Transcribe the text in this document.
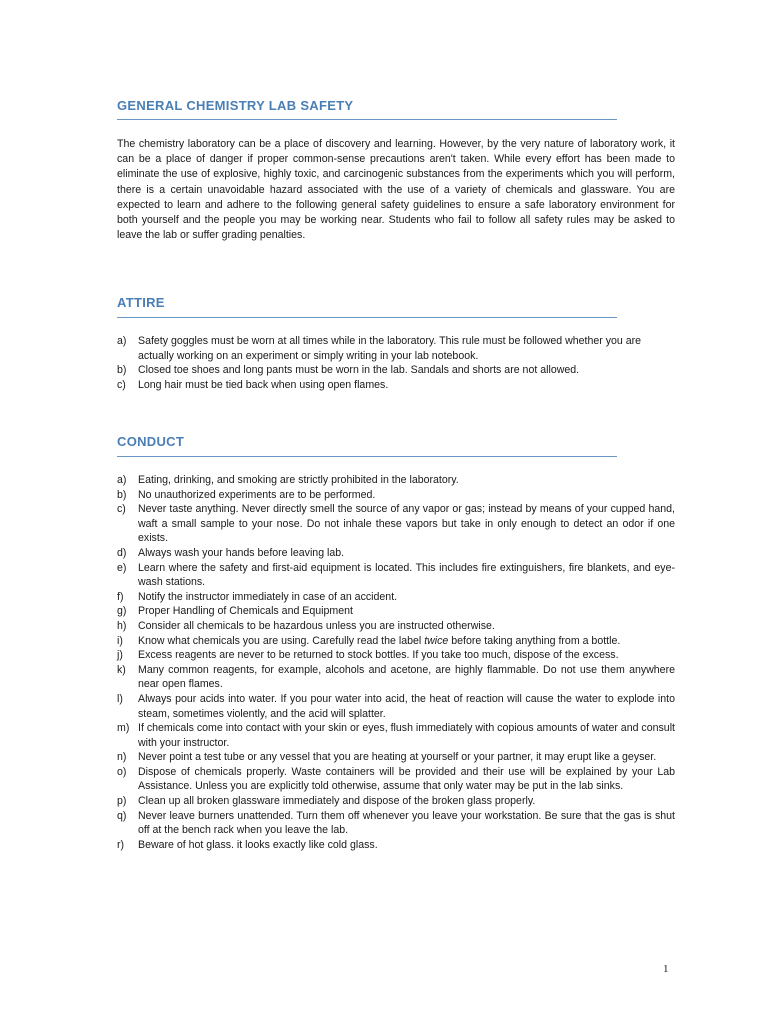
GENERAL CHEMISTRY LAB SAFETY

The chemistry laboratory can be a place of discovery and learning. However, by the very nature of laboratory work, it can be a place of danger if proper common-sense precautions aren't taken. While every effort has been made to eliminate the use of explosive, highly toxic, and carcinogenic substances from the experiments which you will perform, there is a certain unavoidable hazard associated with the use of a variety of chemicals and glassware. You are expected to learn and adhere to the following general safety guidelines to ensure a safe laboratory environment for both yourself and the people you may be working near. Students who fail to follow all safety rules may be asked to leave the lab or suffer grading penalties.

ATTIRE
a)	Safety goggles must be worn at all times while in the laboratory. This rule must be followed whether you are actually working on an experiment or simply writing in your lab notebook.
b)	Closed toe shoes and long pants must be worn in the lab. Sandals and shorts are not allowed.
c)	Long hair must be tied back when using open flames.
CONDUCT
a)	Eating, drinking, and smoking are strictly prohibited in the laboratory.
b)	No unauthorized experiments are to be performed.
c)	Never taste anything. Never directly smell the source of any vapor or gas; instead by means of your cupped hand, waft a small sample to your nose. Do not inhale these vapors but take in only enough to detect an odor if one exists.
d)	Always wash your hands before leaving lab.
e)	Learn where the safety and first-aid equipment is located. This includes fire extinguishers, fire blankets, and eye-wash stations.
f)	Notify the instructor immediately in case of an accident.
g)	Proper Handling of Chemicals and Equipment
h)	Consider all chemicals to be hazardous unless you are instructed otherwise.
i)	Know what chemicals you are using. Carefully read the label twice before taking anything from a bottle.
j)	Excess reagents are never to be returned to stock bottles. If you take too much, dispose of the excess.
k)	Many common reagents, for example, alcohols and acetone, are highly flammable. Do not use them anywhere near open flames.
l)	Always pour acids into water. If you pour water into acid, the heat of reaction will cause the water to explode into steam, sometimes violently, and the acid will splatter.
m) If chemicals come into contact with your skin or eyes, flush immediately with copious amounts of water and consult with your instructor.
n)	Never point a test tube or any vessel that you are heating at yourself or your partner, it may erupt like a geyser.
o)	Dispose of chemicals properly. Waste containers will be provided and their use will be explained by your Lab Assistance. Unless you are explicitly told otherwise, assume that only water may be put in the lab sinks.
p)	Clean up all broken glassware immediately and dispose of the broken glass properly.
q)	Never leave burners unattended. Turn them off whenever you leave your workstation. Be sure that the gas is shut off at the bench rack when you leave the lab.
r)	Beware of hot glass. it looks exactly like cold glass.
1
